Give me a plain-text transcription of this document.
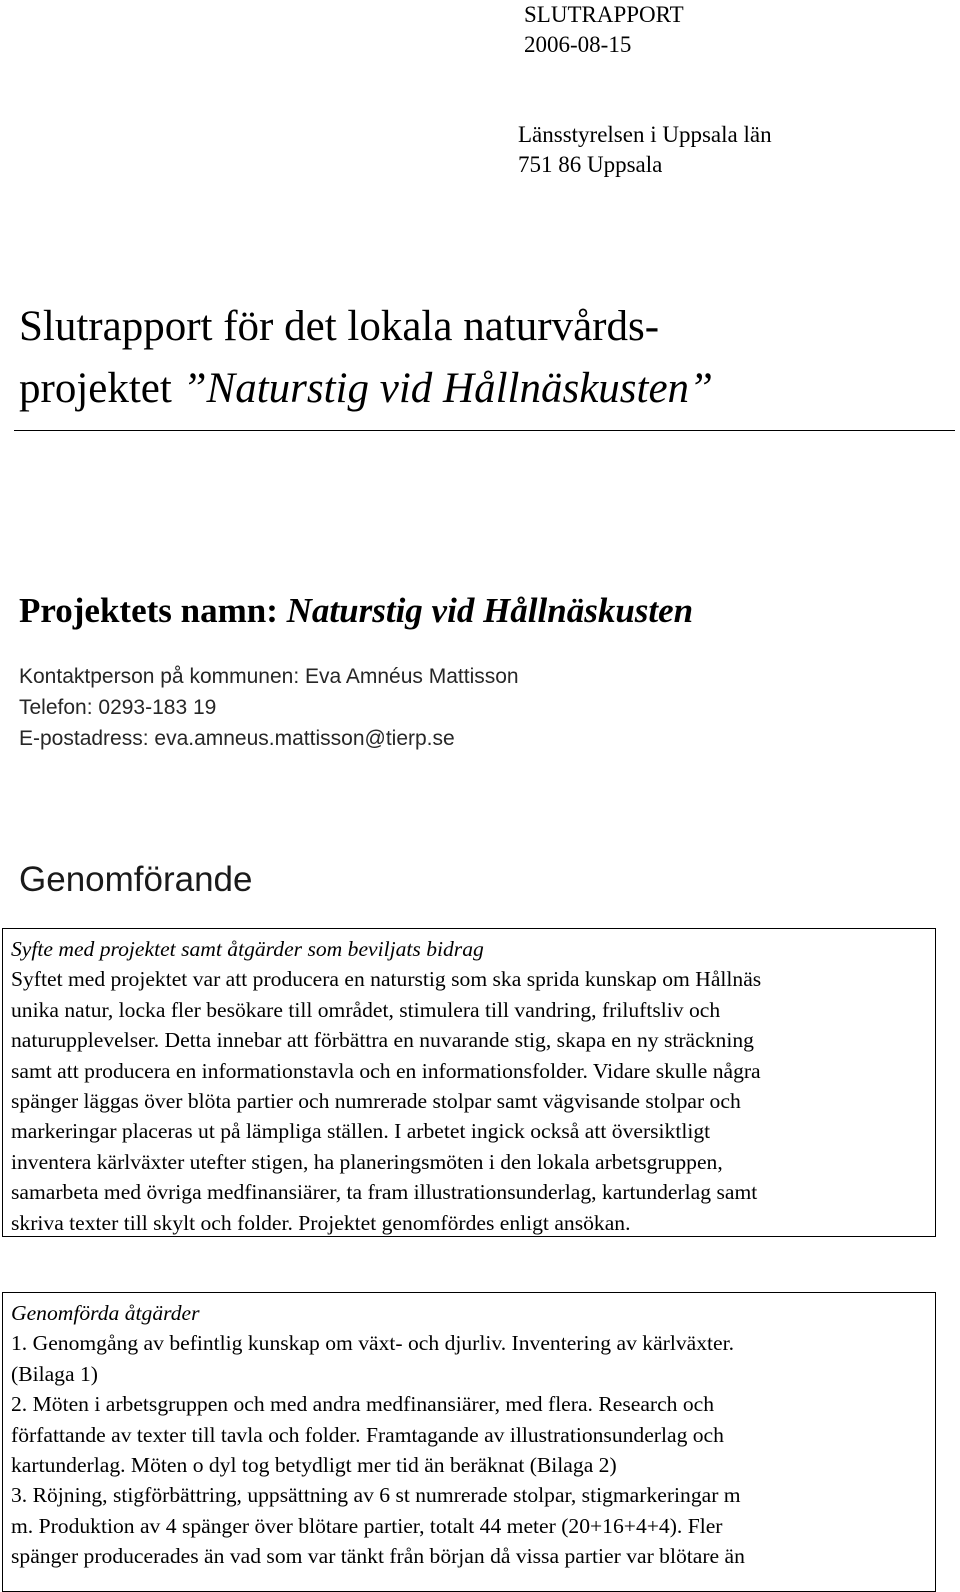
SLUTRAPPORT
2006-08-15
Länsstyrelsen i Uppsala län
751 86 Uppsala
Slutrapport för det lokala naturvårds-
projektet ”Naturstig vid Hållnäskusten”
Projektets namn: Naturstig vid Hållnäskusten
Kontaktperson på kommunen: Eva Amnéus Mattisson
Telefon: 0293-183 19
E-postadress: eva.amneus.mattisson@tierp.se
Genomförande
Syfte med projektet samt åtgärder som beviljats bidrag
Syftet med projektet var att producera en naturstig som ska sprida kunskap om Hållnäs
unika natur, locka fler besökare till området, stimulera till vandring, friluftsliv och
naturupplevelser. Detta innebar att förbättra en nuvarande stig, skapa en ny sträckning
samt att producera en informationstavla och en informationsfolder. Vidare skulle några
spänger läggas över blöta partier och numrerade stolpar samt vägvisande stolpar och
markeringar placeras ut på lämpliga ställen. I arbetet ingick också att översiktligt
inventera kärlväxter utefter stigen, ha planeringsmöten i den lokala arbetsgruppen,
samarbeta med övriga medfinansiärer, ta fram illustrationsunderlag, kartunderlag samt
skriva texter till skylt och folder. Projektet genomfördes enligt ansökan.
Genomförda åtgärder
1. Genomgång av befintlig kunskap om växt- och djurliv. Inventering av kärlväxter.
(Bilaga 1)
2. Möten i arbetsgruppen och med andra medfinansiärer, med flera. Research och
författande av texter till tavla och folder. Framtagande av illustrationsunderlag och
kartunderlag. Möten o dyl tog betydligt mer tid än beräknat (Bilaga 2)
3. Röjning, stigförbättring, uppsättning av 6 st numrerade stolpar, stigmarkeringar m
m. Produktion av 4 spänger över blötare partier, totalt 44 meter (20+16+4+4). Fler
spänger producerades än vad som var tänkt från början då vissa partier var blötare än
